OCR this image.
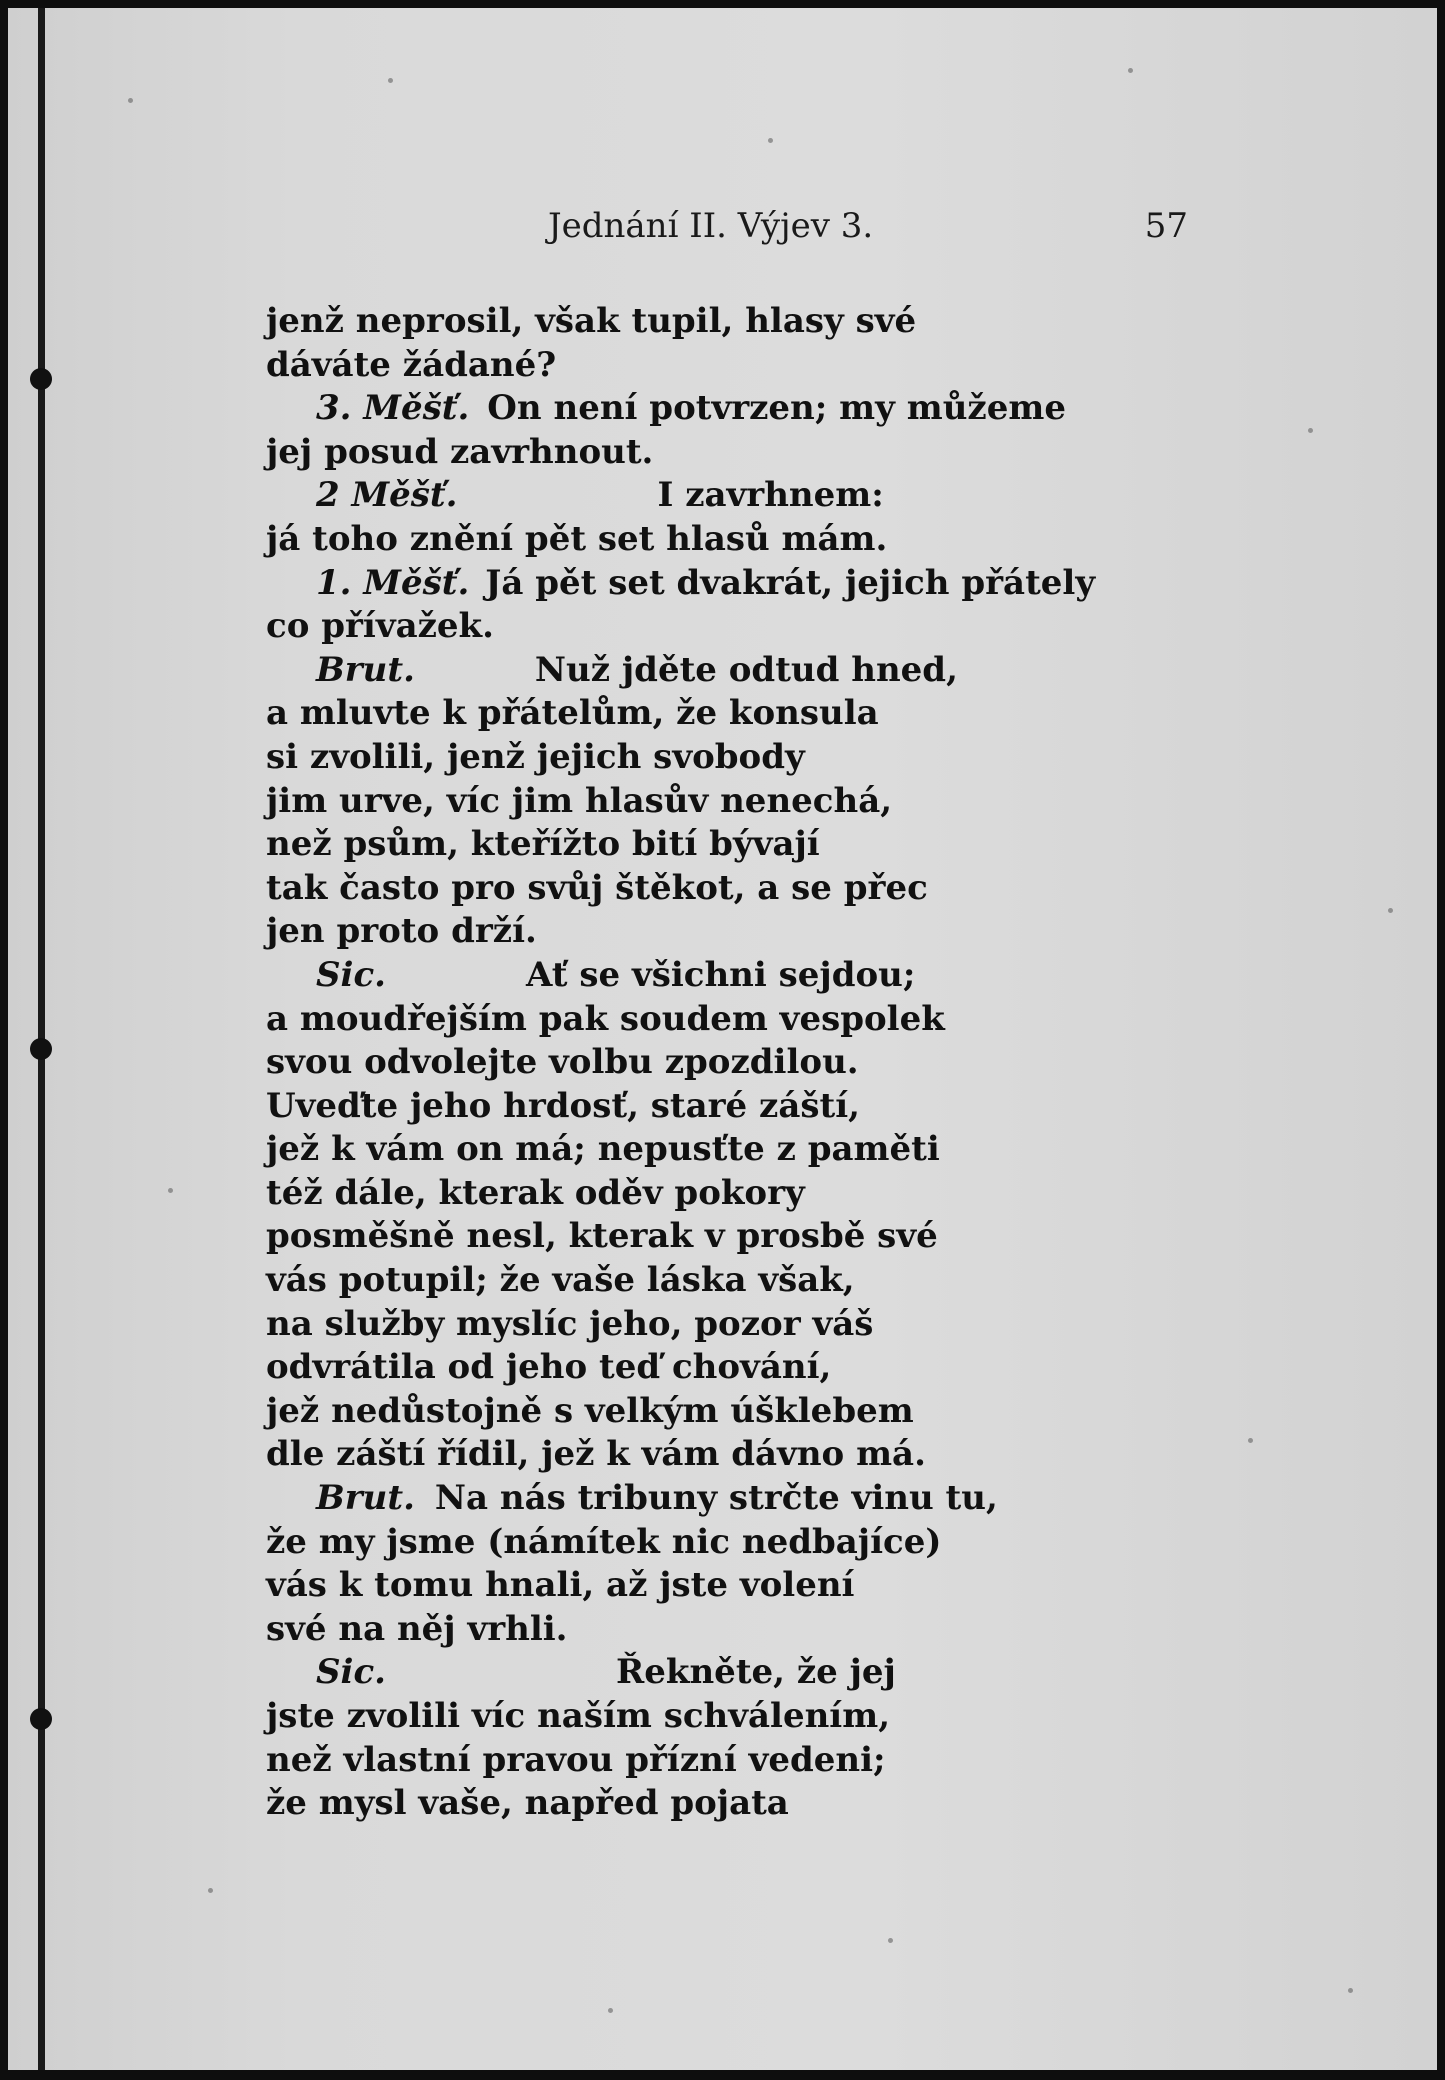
Jednání II. Výjev 3.	57
jenž neprosil, však tupil, hlasy své
dáváte žádané?
3. Měšť. On není potvrzen; my můžeme
jej posud zavrhnout.
2 Měšť.	I zavrhnem:
já toho znění pět set hlasů mám.
1. Měšť. Já pět set dvakrát, jejich přátely
co přívažek.
Brut.	Nuž jděte odtud hned,
a mluvte k přátelům, že konsula
si zvolili, jenž jejich svobody
jim urve, víc jim hlasův nenechá,
než psům, kteřížto bití bývají
tak často pro svůj štěkot, a se přec
jen proto drží.
Sic.	Ať se všichni sejdou;
a moudřejším pak soudem vespolek
svou odvolejte volbu zpozdilou.
Uveďte jeho hrdosť, staré záští,
jež k vám on má; nepusťte z paměti
též dále, kterak oděv pokory
posměšně nesl, kterak v prosbě své
vás potupil; že vaše láska však,
na služby myslíc jeho, pozor váš
odvrátila od jeho teď chování,
jež nedůstojně s velkým úšklebem
dle záští řídil, jež k vám dávno má.
Brut. Na nás tribuny strčte vinu tu,
že my jsme (námítek nic nedbajíce)
vás k tomu hnali, až jste volení
své na něj vrhli.
Sic.	Řekněte, že jej
jste zvolili víc naším schválením,
než vlastní pravou přízní vedeni;
že mysl vaše, napřed pojata
